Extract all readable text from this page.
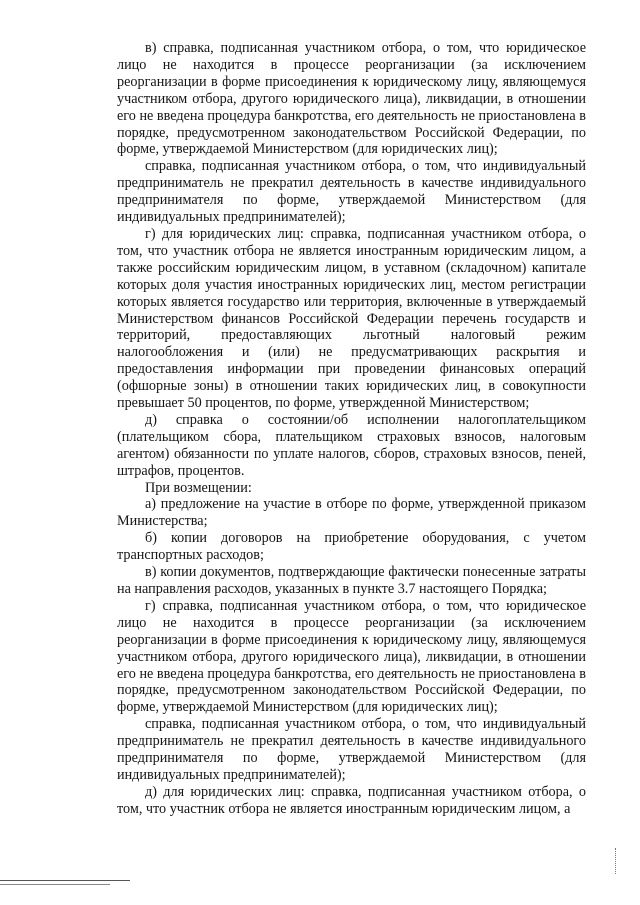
в) справка, подписанная участником отбора, о том, что юридическое лицо не находится в процессе реорганизации (за исключением реорганизации в форме присоединения к юридическому лицу, являющемуся участником отбора, другого юридического лица), ликвидации, в отношении его не введена процедура банкротства, его деятельность не приостановлена в порядке, предусмотренном законодательством Российской Федерации, по форме, утверждаемой Министерством (для юридических лиц);

справка, подписанная участником отбора, о том, что индивидуальный предприниматель не прекратил деятельность в качестве индивидуального предпринимателя по форме, утверждаемой Министерством (для индивидуальных предпринимателей);

г) для юридических лиц: справка, подписанная участником отбора, о том, что участник отбора не является иностранным юридическим лицом, а также российским юридическим лицом, в уставном (складочном) капитале которых доля участия иностранных юридических лиц, местом регистрации которых является государство или территория, включенные в утверждаемый Министерством финансов Российской Федерации перечень государств и территорий, предоставляющих льготный налоговый режим налогообложения и (или) не предусматривающих раскрытия и предоставления информации при проведении финансовых операций (офшорные зоны) в отношении таких юридических лиц, в совокупности превышает 50 процентов, по форме, утвержденной Министерством;

д) справка о состоянии/об исполнении налогоплательщиком (плательщиком сбора, плательщиком страховых взносов, налоговым агентом) обязанности по уплате налогов, сборов, страховых взносов, пеней, штрафов, процентов.

При возмещении:

а) предложение на участие в отборе по форме, утвержденной приказом Министерства;

б) копии договоров на приобретение оборудования, с учетом транспортных расходов;

в) копии документов, подтверждающие фактически понесенные затраты на направления расходов, указанных в пункте 3.7 настоящего Порядка;

г) справка, подписанная участником отбора, о том, что юридическое лицо не находится в процессе реорганизации (за исключением реорганизации в форме присоединения к юридическому лицу, являющемуся участником отбора, другого юридического лица), ликвидации, в отношении его не введена процедура банкротства, его деятельность не приостановлена в порядке, предусмотренном законодательством Российской Федерации, по форме, утверждаемой Министерством (для юридических лиц);

справка, подписанная участником отбора, о том, что индивидуальный предприниматель не прекратил деятельность в качестве индивидуального предпринимателя по форме, утверждаемой Министерством (для индивидуальных предпринимателей);

д) для юридических лиц: справка, подписанная участником отбора, о том, что участник отбора не является иностранным юридическим лицом, а
